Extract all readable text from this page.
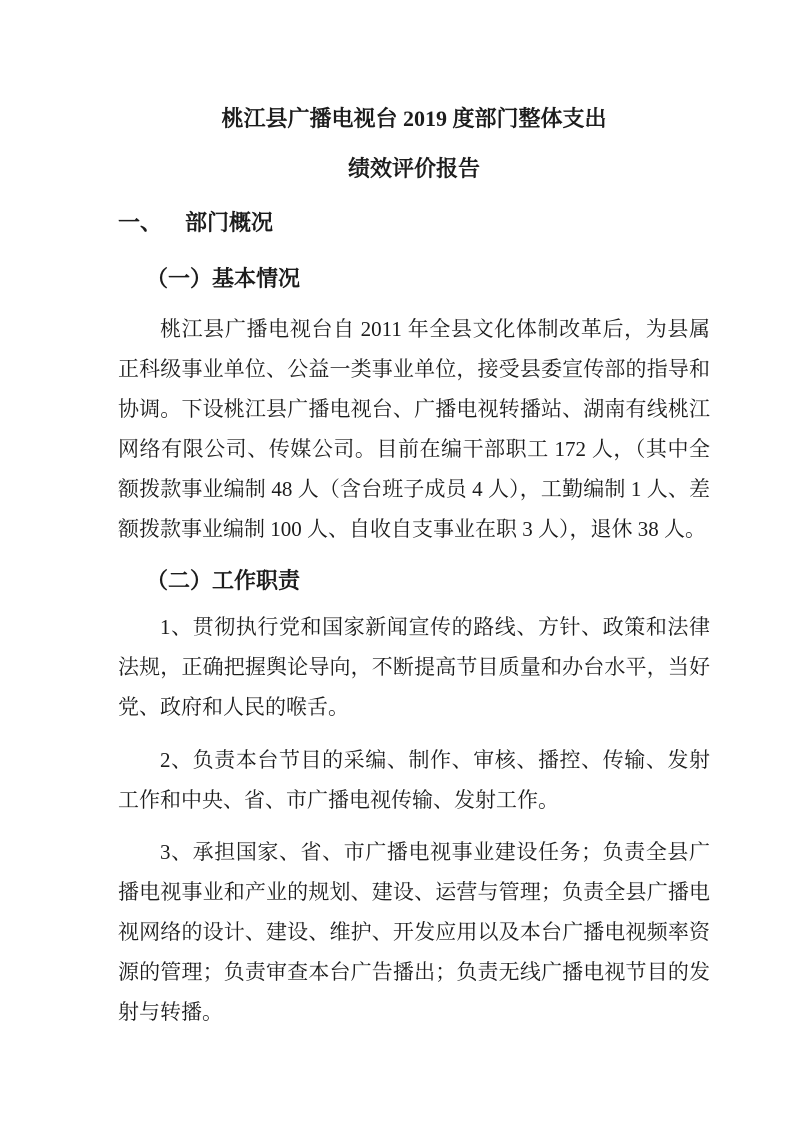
桃江县广播电视台 2019 度部门整体支出
绩效评价报告
一、 部门概况
（一）基本情况
桃江县广播电视台自 2011 年全县文化体制改革后，为县属
正科级事业单位、公益一类事业单位，接受县委宣传部的指导和
协调。下设桃江县广播电视台、广播电视转播站、湖南有线桃江
网络有限公司、传媒公司。目前在编干部职工 172 人，（其中全
额拨款事业编制 48 人（含台班子成员 4 人），工勤编制 1 人、差
额拨款事业编制 100 人、自收自支事业在职 3 人），退休 38 人。
（二）工作职责
1、贯彻执行党和国家新闻宣传的路线、方针、政策和法律
法规，正确把握舆论导向，不断提高节目质量和办台水平，当好
党、政府和人民的喉舌。
2、负责本台节目的采编、制作、审核、播控、传输、发射
工作和中央、省、市广播电视传输、发射工作。
3、承担国家、省、市广播电视事业建设任务；负责全县广
播电视事业和产业的规划、建设、运营与管理；负责全县广播电
视网络的设计、建设、维护、开发应用以及本台广播电视频率资
源的管理；负责审查本台广告播出；负责无线广播电视节目的发
射与转播。
